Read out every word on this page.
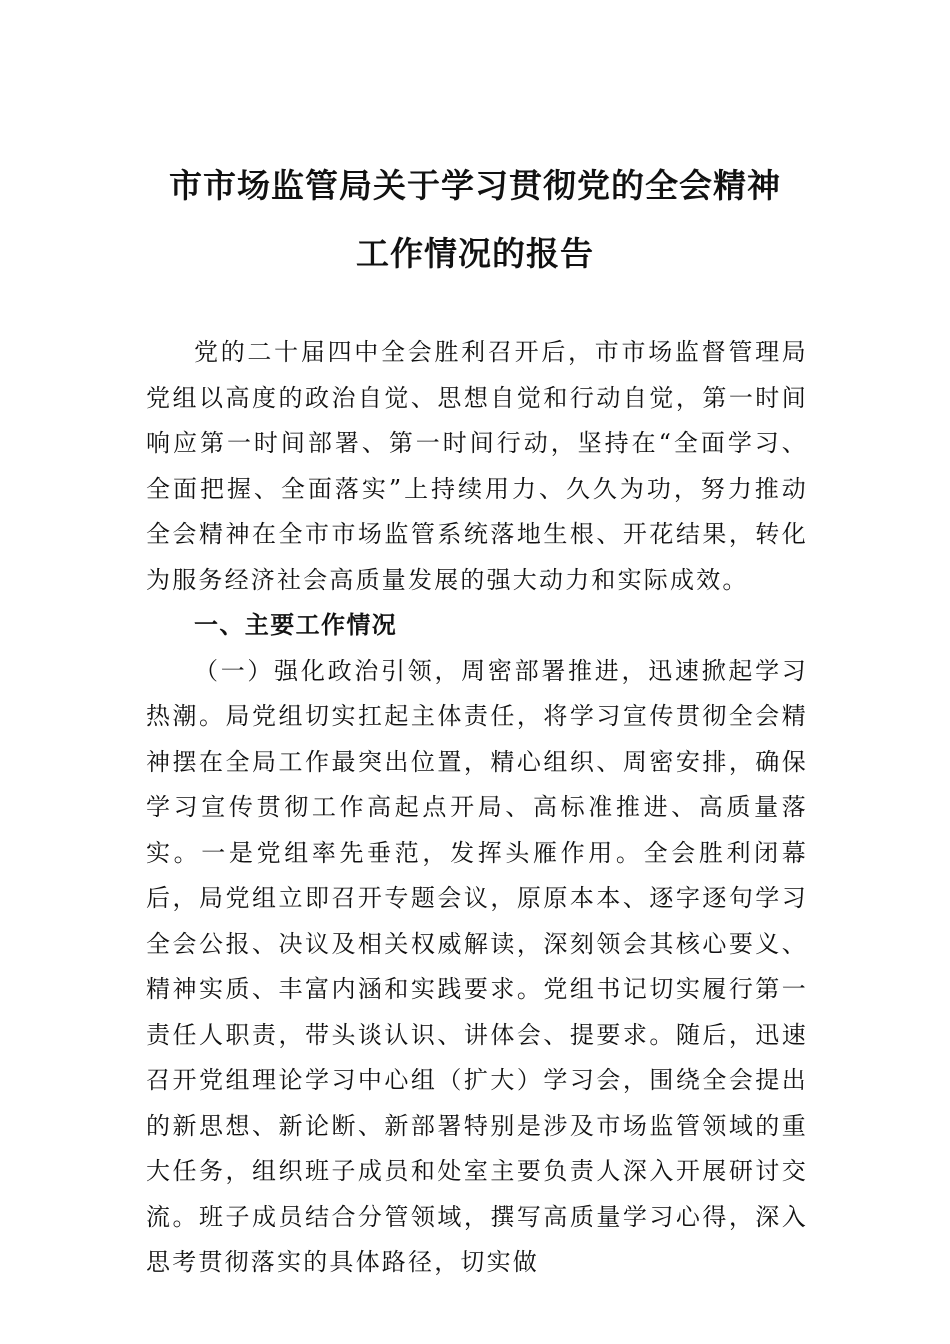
市市场监管局关于学习贯彻党的全会精神
工作情况的报告

党的二十届四中全会胜利召开后，市市场监督管理局党组以高度的政治自觉、思想自觉和行动自觉，第一时间响应第一时间部署、第一时间行动，坚持在“全面学习、全面把握、全面落实”上持续用力、久久为功，努力推动全会精神在全市市场监管系统落地生根、开花结果，转化为服务经济社会高质量发展的强大动力和实际成效。

一、主要工作情况

（一）强化政治引领，周密部署推进，迅速掀起学习热潮。局党组切实扛起主体责任，将学习宣传贯彻全会精神摆在全局工作最突出位置，精心组织、周密安排，确保学习宣传贯彻工作高起点开局、高标准推进、高质量落实。一是党组率先垂范，发挥头雁作用。全会胜利闭幕后，局党组立即召开专题会议，原原本本、逐字逐句学习全会公报、决议及相关权威解读，深刻领会其核心要义、精神实质、丰富内涵和实践要求。党组书记切实履行第一责任人职责，带头谈认识、讲体会、提要求。随后，迅速召开党组理论学习中心组（扩大）学习会，围绕全会提出的新思想、新论断、新部署特别是涉及市场监管领域的重大任务，组织班子成员和处室主要负责人深入开展研讨交流。班子成员结合分管领域，撰写高质量学习心得，深入思考贯彻落实的具体路径，切实做
